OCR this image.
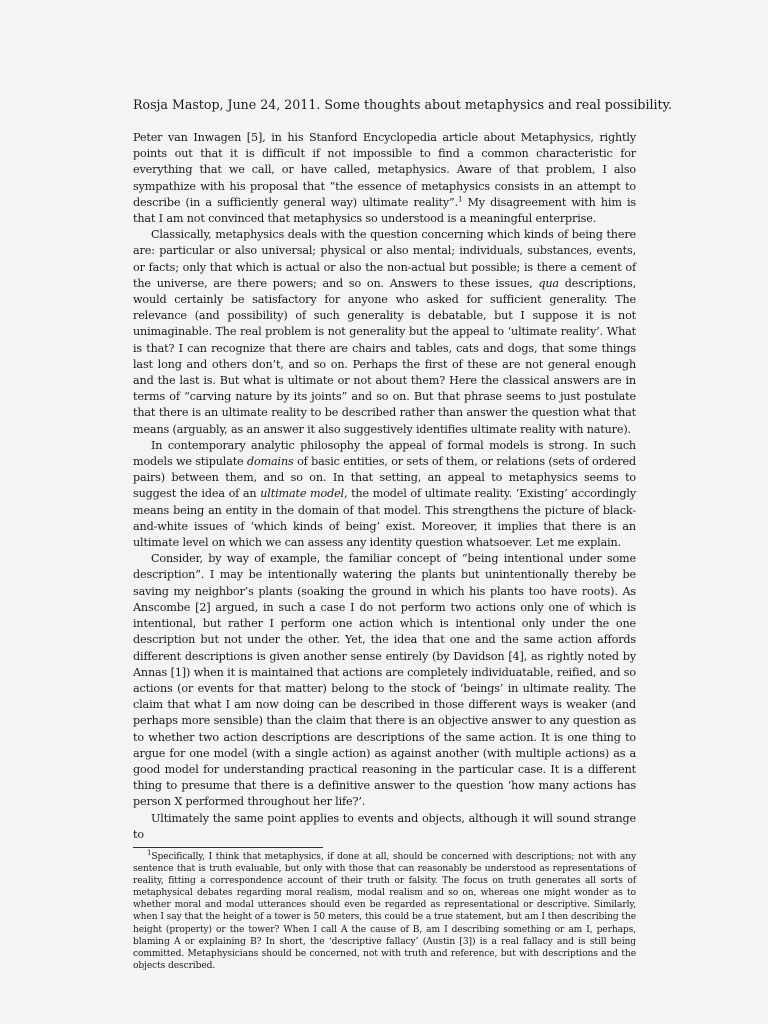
Rosja Mastop, June 24, 2011. Some thoughts about metaphysics and real possibility.

Peter van Inwagen [5], in his Stanford Encyclopedia article about Metaphysics, rightly points out that it is difficult if not impossible to find a common characteristic for everything that we call, or have called, metaphysics. Aware of that problem, I also sympathize with his proposal that “the essence of metaphysics consists in an attempt to describe (in a sufficiently general way) ultimate reality”.$^1$ My disagreement with him is that I am not convinced that metaphysics so understood is a meaningful enterprise.

Classically, metaphysics deals with the question concerning which kinds of being there are: particular or also universal; physical or also mental; individuals, substances, events, or facts; only that which is actual or also the non-actual but possible; is there a cement of the universe, are there powers; and so on. Answers to these issues, qua descriptions, would certainly be satisfactory for anyone who asked for sufficient generality. The relevance (and possibility) of such generality is debatable, but I suppose it is not unimaginable. The real problem is not generality but the appeal to ‘ultimate reality’. What is that? I can recognize that there are chairs and tables, cats and dogs, that some things last long and others don’t, and so on. Perhaps the first of these are not general enough and the last is. But what is ultimate or not about them? Here the classical answers are in terms of “carving nature by its joints” and so on. But that phrase seems to just postulate that there is an ultimate reality to be described rather than answer the question what that means (arguably, as an answer it also suggestively identifies ultimate reality with nature).

In contemporary analytic philosophy the appeal of formal models is strong. In such models we stipulate domains of basic entities, or sets of them, or relations (sets of ordered pairs) between them, and so on. In that setting, an appeal to metaphysics seems to suggest the idea of an ultimate model, the model of ultimate reality. ‘Existing’ accordingly means being an entity in the domain of that model. This strengthens the picture of black-and-white issues of ‘which kinds of being’ exist. Moreover, it implies that there is an ultimate level on which we can assess any identity question whatsoever. Let me explain.

Consider, by way of example, the familiar concept of “being intentional under some description”. I may be intentionally watering the plants but unintentionally thereby be saving my neighbor’s plants (soaking the ground in which his plants too have roots). As Anscombe [2] argued, in such a case I do not perform two actions only one of which is intentional, but rather I perform one action which is intentional only under the one description but not under the other. Yet, the idea that one and the same action affords different descriptions is given another sense entirely (by Davidson [4], as rightly noted by Annas [1]) when it is maintained that actions are completely individuatable, reified, and so actions (or events for that matter) belong to the stock of ‘beings’ in ultimate reality. The claim that what I am now doing can be described in those different ways is weaker (and perhaps more sensible) than the claim that there is an objective answer to any question as to whether two action descriptions are descriptions of the same action. It is one thing to argue for one model (with a single action) as against another (with multiple actions) as a good model for understanding practical reasoning in the particular case. It is a different thing to presume that there is a definitive answer to the question ‘how many actions has person X performed throughout her life?’.

Ultimately the same point applies to events and objects, although it will sound strange to

$^1$Specifically, I think that metaphysics, if done at all, should be concerned with descriptions; not with any sentence that is truth evaluable, but only with those that can reasonably be understood as representations of reality, fitting a correspondence account of their truth or falsity. The focus on truth generates all sorts of metaphysical debates regarding moral realism, modal realism and so on, whereas one might wonder as to whether moral and modal utterances should even be regarded as representational or descriptive. Similarly, when I say that the height of a tower is 50 meters, this could be a true statement, but am I then describing the height (property) or the tower? When I call A the cause of B, am I describing something or am I, perhaps, blaming A or explaining B? In short, the ‘descriptive fallacy’ (Austin [3]) is a real fallacy and is still being committed. Metaphysicians should be concerned, not with truth and reference, but with descriptions and the objects described.
